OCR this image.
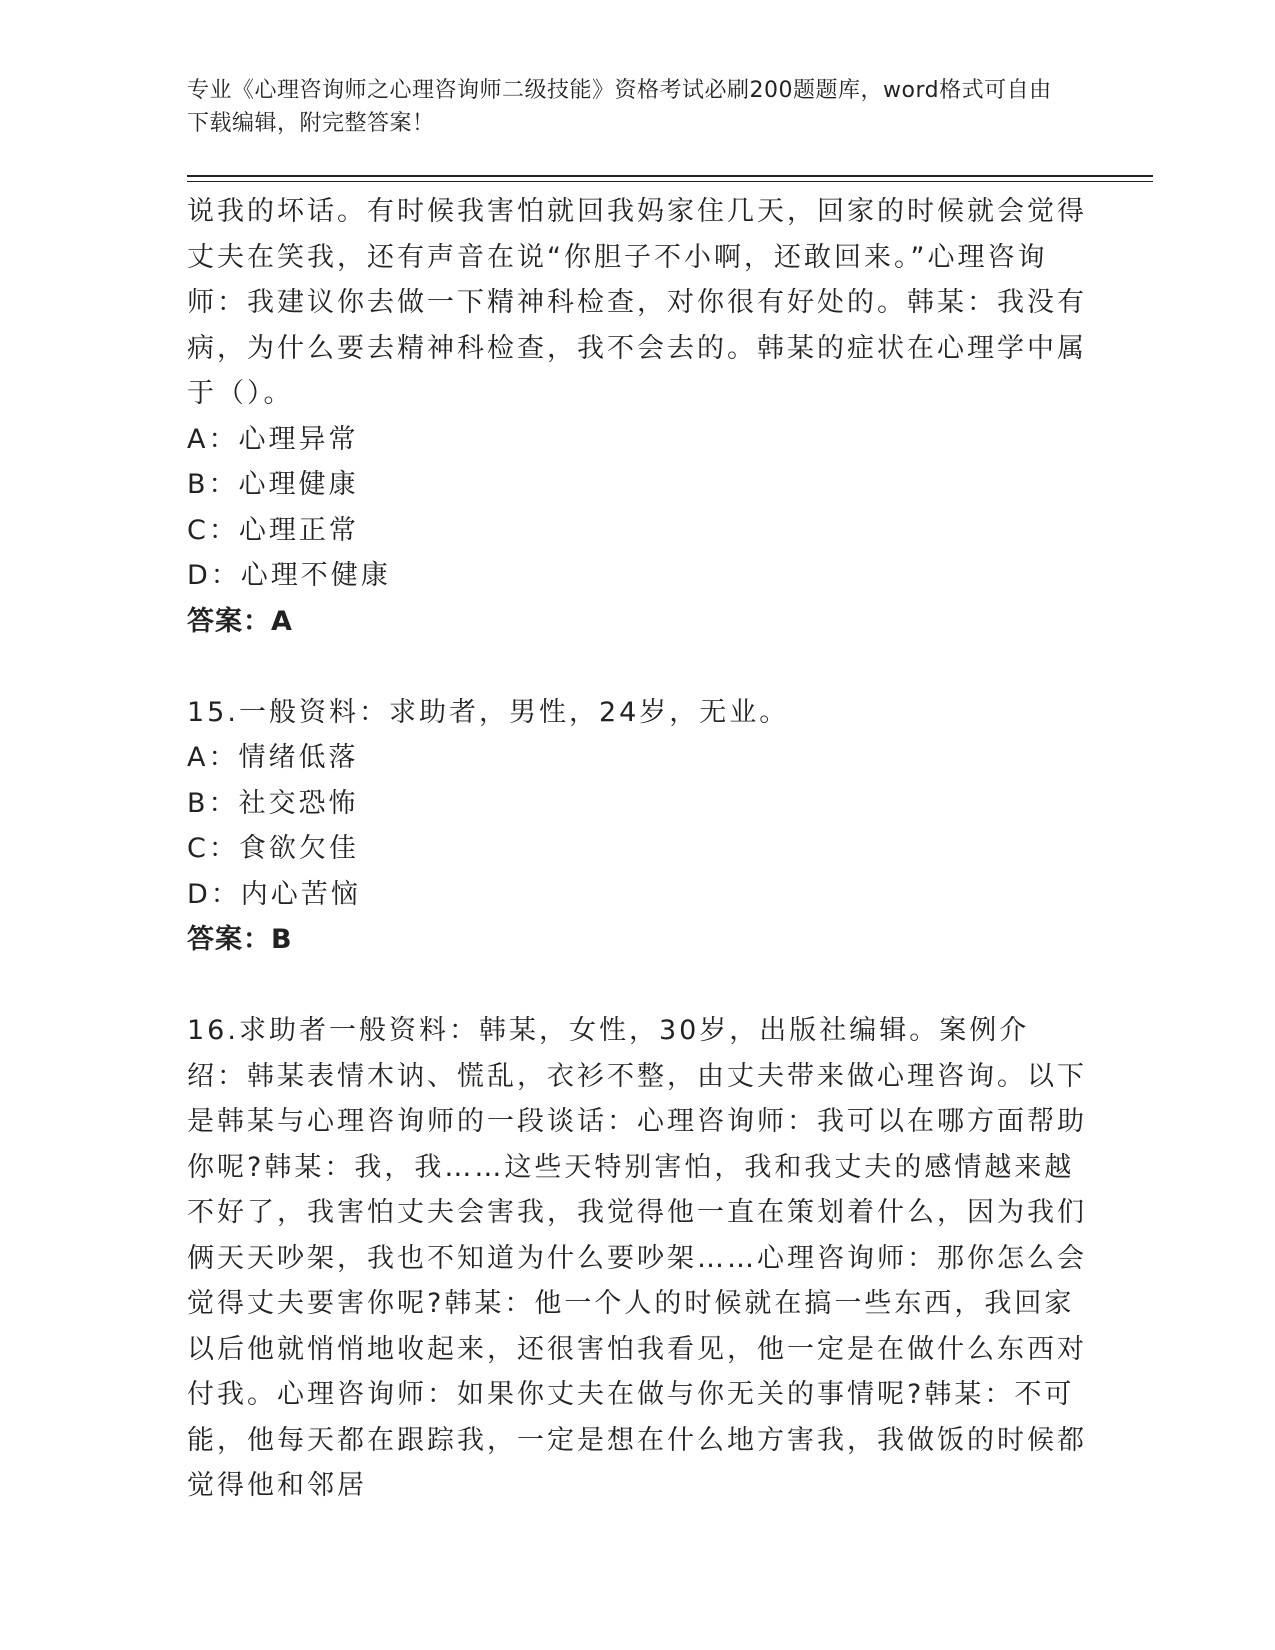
专业《心理咨询师之心理咨询师二级技能》资格考试必刷200题题库，word格式可自由下载编辑，附完整答案！

说我的坏话。有时候我害怕就回我妈家住几天，回家的时候就会觉得丈夫在笑我，还有声音在说“你胆子不小啊，还敢回来。”心理咨询师：我建议你去做一下精神科检查，对你很有好处的。韩某：我没有病，为什么要去精神科检查，我不会去的。韩某的症状在心理学中属于（）。

A：心理异常

B：心理健康

C：心理正常

D：心理不健康

答案：A

15.一般资料：求助者，男性，24岁，无业。

A：情绪低落

B：社交恐怖

C：食欲欠佳

D：内心苦恼

答案：B

16.求助者一般资料：韩某，女性，30岁，出版社编辑。案例介绍：韩某表情木讷、慌乱，衣衫不整，由丈夫带来做心理咨询。以下是韩某与心理咨询师的一段谈话：心理咨询师：我可以在哪方面帮助你呢?韩某：我，我……这些天特别害怕，我和我丈夫的感情越来越不好了，我害怕丈夫会害我，我觉得他一直在策划着什么，因为我们俩天天吵架，我也不知道为什么要吵架……心理咨询师：那你怎么会觉得丈夫要害你呢?韩某：他一个人的时候就在搞一些东西，我回家以后他就悄悄地收起来，还很害怕我看见，他一定是在做什么东西对付我。心理咨询师：如果你丈夫在做与你无关的事情呢?韩某：不可能，他每天都在跟踪我，一定是想在什么地方害我，我做饭的时候都觉得他和邻居
